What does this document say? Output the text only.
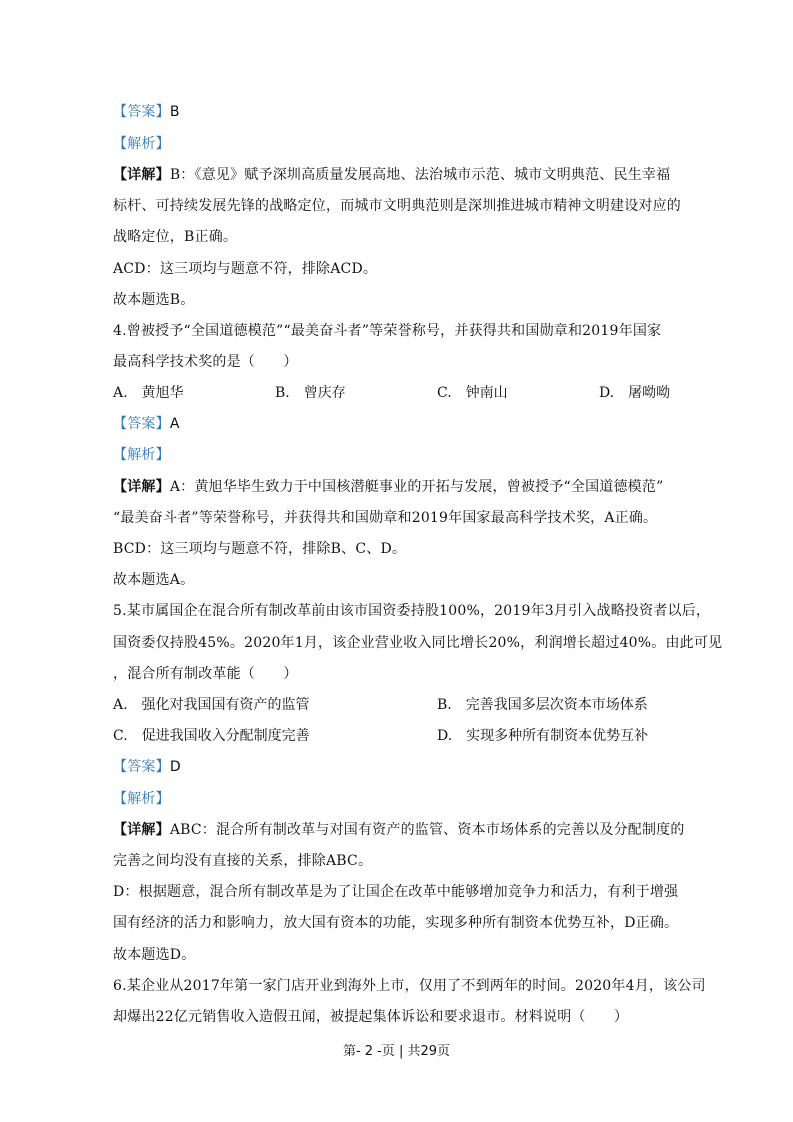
【答案】B
【解析】
【详解】B：《意见》赋予深圳高质量发展高地、法治城市示范、城市文明典范、民生幸福
标杆、可持续发展先锋的战略定位，而城市文明典范则是深圳推进城市精神文明建设对应的
战略定位，B正确。
ACD：这三项均与题意不符，排除ACD。
故本题选B。
4.曾被授予“全国道德模范”“最美奋斗者”等荣誉称号，并获得共和国勋章和2019年国家
最高科学技术奖的是（　　）
A.　黄旭华	B.　曾庆存	C.　钟南山	D.　屠呦呦
【答案】A
【解析】
【详解】A：黄旭华毕生致力于中国核潜艇事业的开拓与发展，曾被授予“全国道德模范”
“最美奋斗者”等荣誉称号，并获得共和国勋章和2019年国家最高科学技术奖，A正确。
BCD：这三项均与题意不符，排除B、C、D。
故本题选A。
5.某市属国企在混合所有制改革前由该市国资委持股100%，2019年3月引入战略投资者以后，
国资委仅持股45%。2020年1月，该企业营业收入同比增长20%，利润增长超过40%。由此可见
，混合所有制改革能（　　）
A.　强化对我国国有资产的监管	B.　完善我国多层次资本市场体系
C.　促进我国收入分配制度完善	D.　实现多种所有制资本优势互补
【答案】D
【解析】
【详解】ABC：混合所有制改革与对国有资产的监管、资本市场体系的完善以及分配制度的
完善之间均没有直接的关系，排除ABC。
D：根据题意，混合所有制改革是为了让国企在改革中能够增加竞争力和活力，有利于增强
国有经济的活力和影响力，放大国有资本的功能，实现多种所有制资本优势互补，D正确。
故本题选D。
6.某企业从2017年第一家门店开业到海外上市，仅用了不到两年的时间。2020年4月，该公司
却爆出22亿元销售收入造假丑闻，被提起集体诉讼和要求退市。材料说明（　　）
第- 2 -页 | 共29页
